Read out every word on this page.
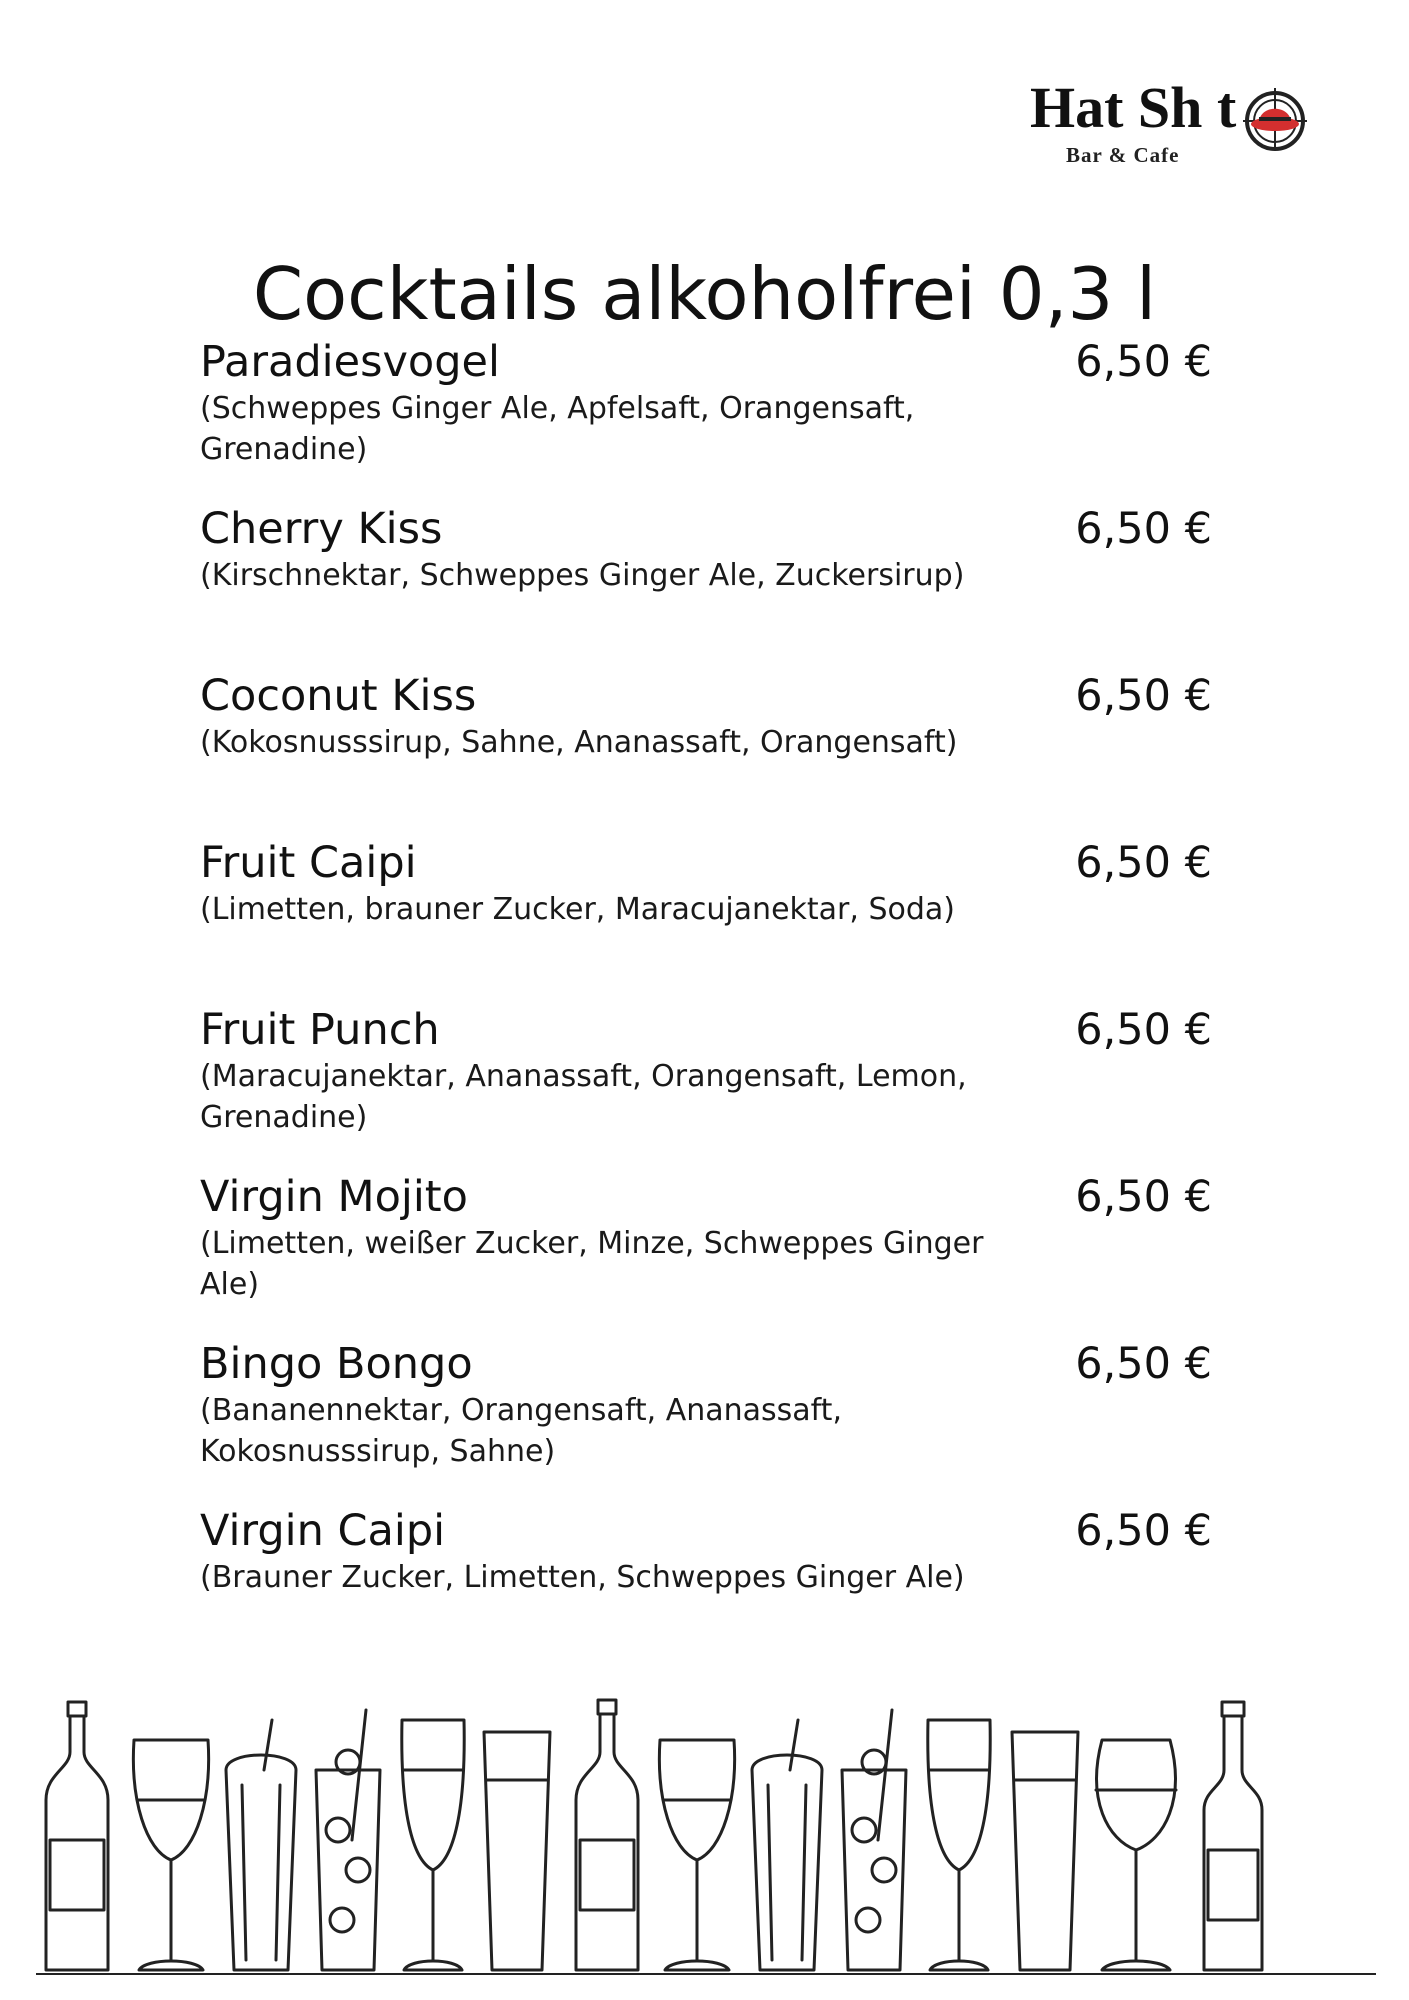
Hat Sh t
Bar & Cafe
Cocktails alkoholfrei 0,3 l
Paradiesvogel	6,50 €
(Schweppes Ginger Ale, Apfelsaft, Orangensaft, Grenadine)
Cherry Kiss	6,50 €
(Kirschnektar, Schweppes Ginger Ale, Zuckersirup)
Coconut Kiss	6,50 €
(Kokosnusssirup, Sahne, Ananassaft, Orangensaft)
Fruit Caipi	6,50 €
(Limetten, brauner Zucker, Maracujanektar, Soda)
Fruit Punch	6,50 €
(Maracujanektar, Ananassaft, Orangensaft, Lemon, Grenadine)
Virgin Mojito	6,50 €
(Limetten, weißer Zucker, Minze, Schweppes Ginger Ale)
Bingo Bongo	6,50 €
(Bananennektar, Orangensaft, Ananassaft, Kokosnusssirup, Sahne)
Virgin Caipi	6,50 €
(Brauner Zucker, Limetten, Schweppes Ginger Ale)
